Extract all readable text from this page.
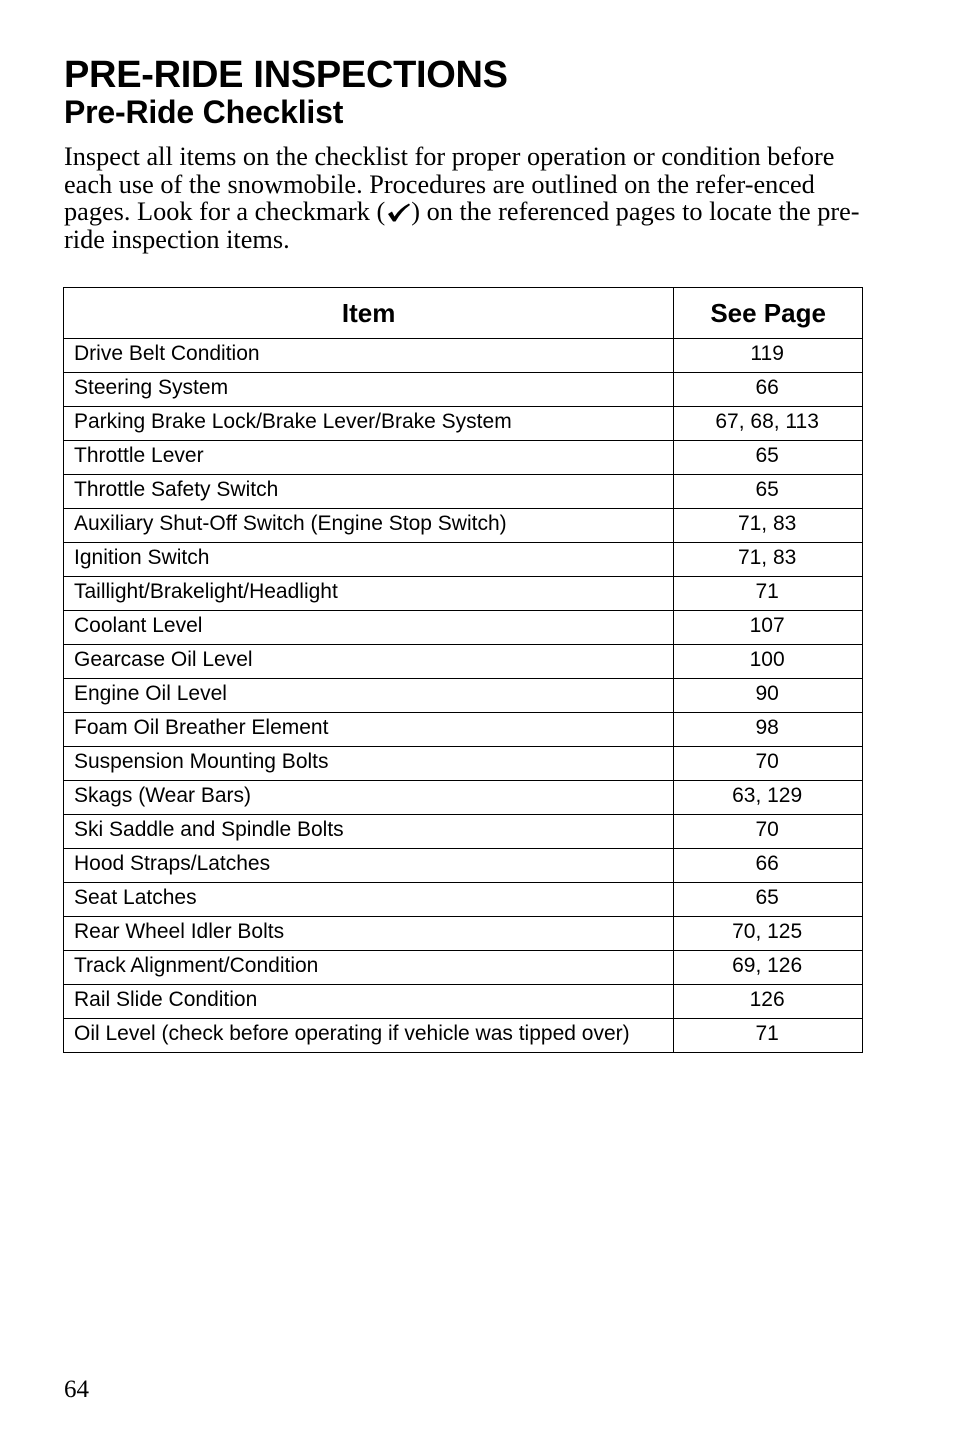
PRE-RIDE INSPECTIONS
Pre-Ride Checklist

Inspect all items on the checklist for proper operation or condition before each use of the snowmobile. Procedures are outlined on the refer-enced pages. Look for a checkmark ( ) on the referenced pages to locate the pre-ride inspection items.

Item	See Page
Drive Belt Condition	119
Steering System	66
Parking Brake Lock/Brake Lever/Brake System	67, 68, 113
Throttle Lever	65
Throttle Safety Switch	65
Auxiliary Shut-Off Switch (Engine Stop Switch)	71, 83
Ignition Switch	71, 83
Taillight/Brakelight/Headlight	71
Coolant Level	107
Gearcase Oil Level	100
Engine Oil Level	90
Foam Oil Breather Element	98
Suspension Mounting Bolts	70
Skags (Wear Bars)	63, 129
Ski Saddle and Spindle Bolts	70
Hood Straps/Latches	66
Seat Latches	65
Rear Wheel Idler Bolts	70, 125
Track Alignment/Condition	69, 126
Rail Slide Condition	126
Oil Level (check before operating if vehicle was tipped over)	71
64
